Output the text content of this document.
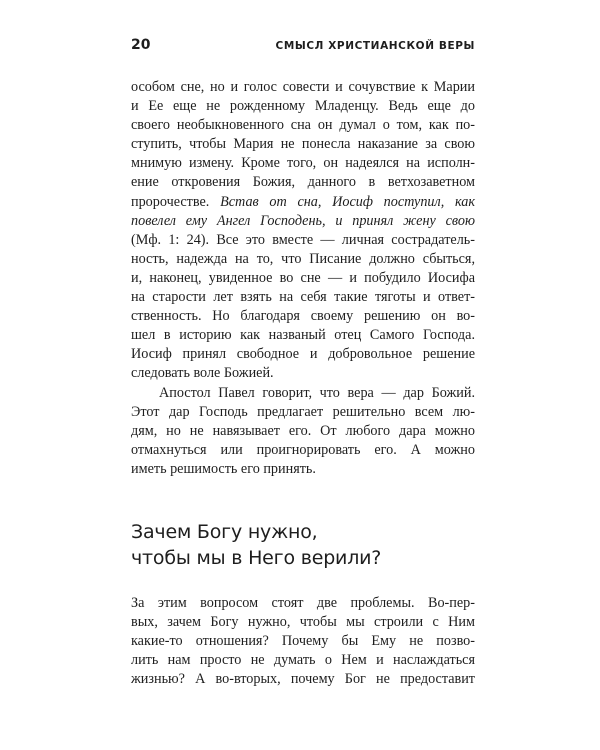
20	СМЫСЛ ХРИСТИАНСКОЙ ВЕРЫ
особом сне, но и голос совести и сочувствие к Марии
и Ее еще не рожденному Младенцу. Ведь еще до
своего необыкновенного сна он думал о том, как по-
ступить, чтобы Мария не понесла наказание за свою
мнимую измену. Кроме того, он надеялся на исполн-
ение откровения Божия, данного в ветхозаветном
пророчестве. Встав от сна, Иосиф поступил, как
повелел ему Ангел Господень, и принял жену свою
(Мф. 1: 24). Все это вместе — личная сострадатель-
ность, надежда на то, что Писание должно сбыться,
и, наконец, увиденное во сне — и побудило Иосифа
на старости лет взять на себя такие тяготы и ответ-
ственность. Но благодаря своему решению он во-
шел в историю как названый отец Самого Господа.
Иосиф принял свободное и добровольное решение
следовать воле Божией.
Апостол Павел говорит, что вера — дар Божий.
Этот дар Господь предлагает решительно всем лю-
дям, но не навязывает его. От любого дара можно
отмахнуться или проигнорировать его. А можно
иметь решимость его принять.
Зачем Богу нужно,
чтобы мы в Него верили?
За этим вопросом стоят две проблемы. Во-пер-
вых, зачем Богу нужно, чтобы мы строили с Ним
какие-то отношения? Почему бы Ему не позво-
лить нам просто не думать о Нем и наслаждаться
жизнью? А во-вторых, почему Бог не предоставит
